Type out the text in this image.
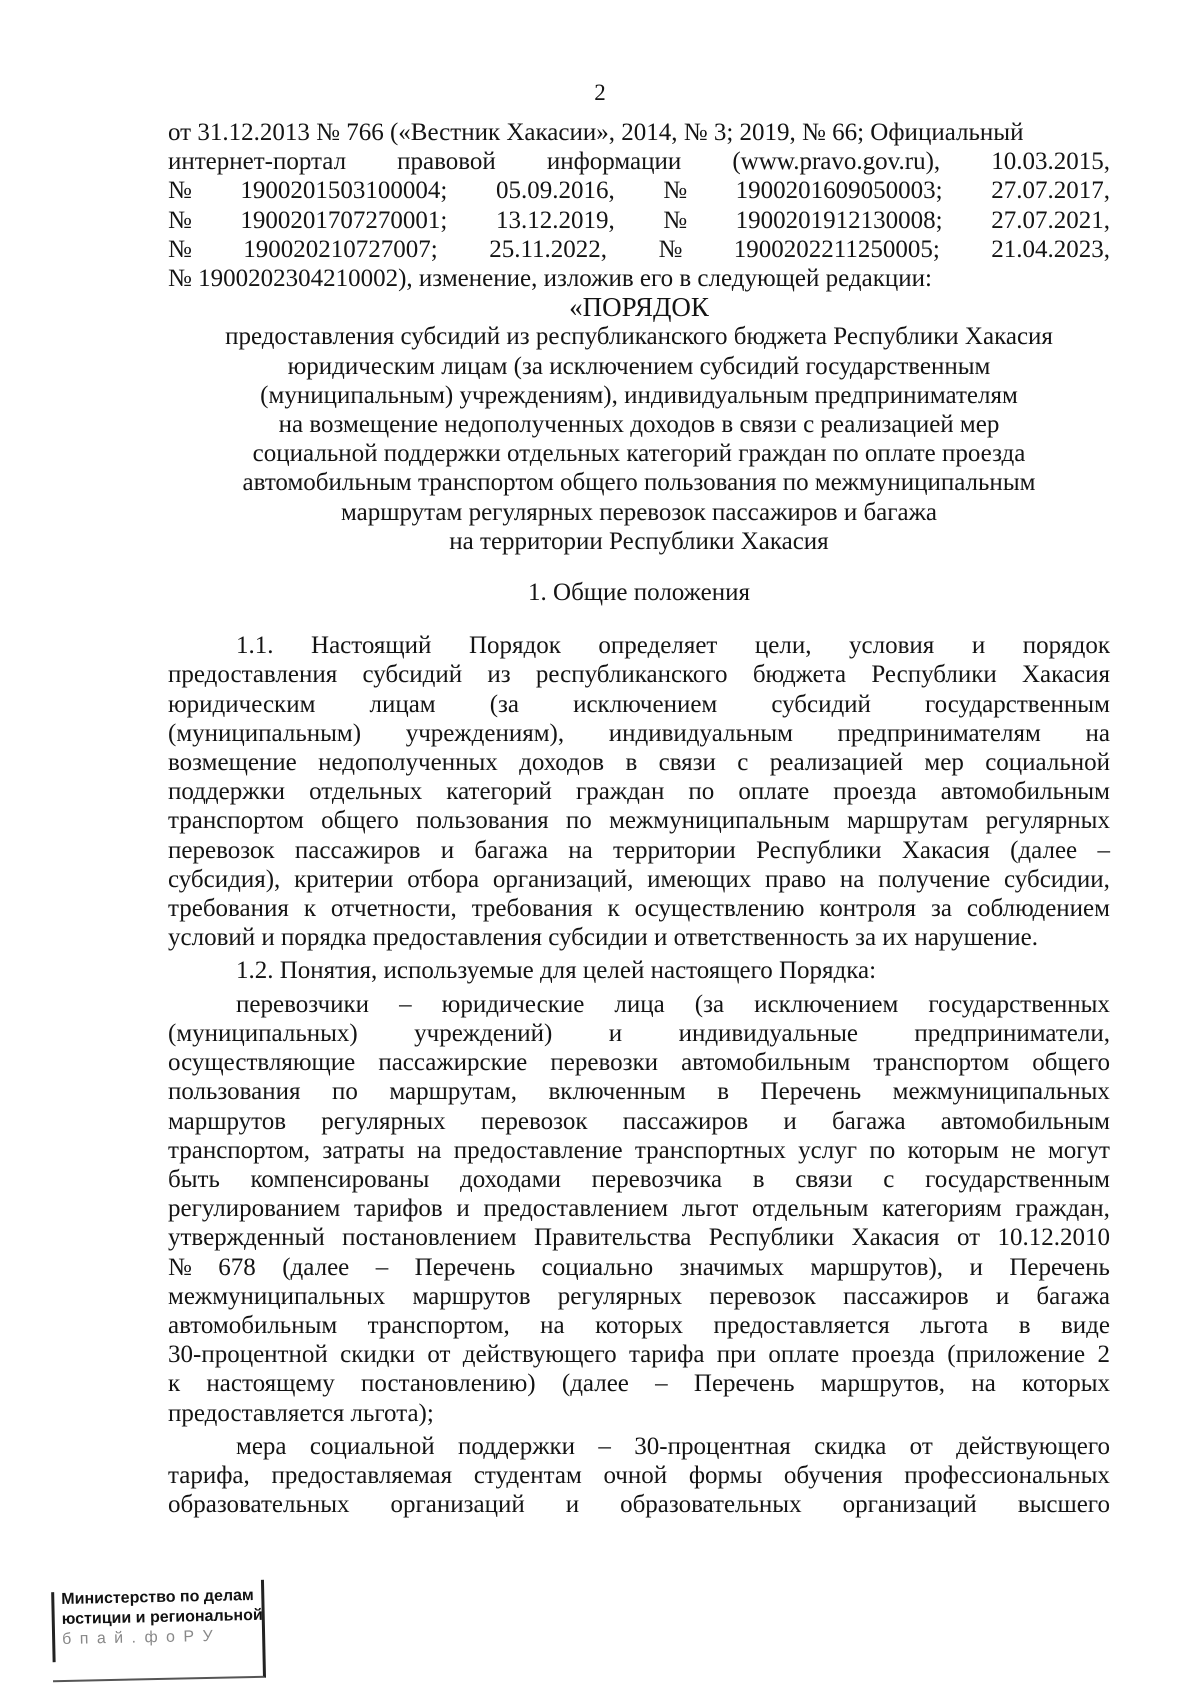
2
от 31.12.2013 № 766 («Вестник Хакасии», 2014, № 3; 2019, № 66; Официальный
интернет-портал правовой информации (www.pravo.gov.ru), 10.03.2015,
№ 1900201503100004; 05.09.2016, № 1900201609050003; 27.07.2017,
№ 1900201707270001; 13.12.2019, № 1900201912130008; 27.07.2021,
№ 190020210727007; 25.11.2022, № 1900202211250005; 21.04.2023,
№ 1900202304210002), изменение, изложив его в следующей редакции:
«ПОРЯДОК
предоставления субсидий из республиканского бюджета Республики Хакасия
юридическим лицам (за исключением субсидий государственным
(муниципальным) учреждениям), индивидуальным предпринимателям
на возмещение недополученных доходов в связи с реализацией мер
социальной поддержки отдельных категорий граждан по оплате проезда
автомобильным транспортом общего пользования по межмуниципальным
маршрутам регулярных перевозок пассажиров и багажа
на территории Республики Хакасия
1. Общие положения
1.1. Настоящий Порядок определяет цели, условия и порядок
предоставления субсидий из республиканского бюджета Республики Хакасия
юридическим лицам (за исключением субсидий государственным
(муниципальным) учреждениям), индивидуальным предпринимателям на
возмещение недополученных доходов в связи с реализацией мер социальной
поддержки отдельных категорий граждан по оплате проезда автомобильным
транспортом общего пользования по межмуниципальным маршрутам регулярных
перевозок пассажиров и багажа на территории Республики Хакасия (далее –
субсидия), критерии отбора организаций, имеющих право на получение субсидии,
требования к отчетности, требования к осуществлению контроля за соблюдением
условий и порядка предоставления субсидии и ответственность за их нарушение.
1.2. Понятия, используемые для целей настоящего Порядка:
перевозчики – юридические лица (за исключением государственных
(муниципальных) учреждений) и индивидуальные предприниматели,
осуществляющие пассажирские перевозки автомобильным транспортом общего
пользования по маршрутам, включенным в Перечень межмуниципальных
маршрутов регулярных перевозок пассажиров и багажа автомобильным
транспортом, затраты на предоставление транспортных услуг по которым не могут
быть компенсированы доходами перевозчика в связи с государственным
регулированием тарифов и предоставлением льгот отдельным категориям граждан,
утвержденный постановлением Правительства Республики Хакасия от 10.12.2010
№ 678 (далее – Перечень социально значимых маршрутов), и Перечень
межмуниципальных маршрутов регулярных перевозок пассажиров и багажа
автомобильным транспортом, на которых предоставляется льгота в виде
30-процентной скидки от действующего тарифа при оплате проезда (приложение 2
к настоящему постановлению) (далее – Перечень маршрутов, на которых
предоставляется льгота);
мера социальной поддержки – 30-процентная скидка от действующего
тарифа, предоставляемая студентам очной формы обучения профессиональных
образовательных организаций и образовательных организаций высшего
Министерство по делам
юстиции и региональной
б п а й . ф о Р У
